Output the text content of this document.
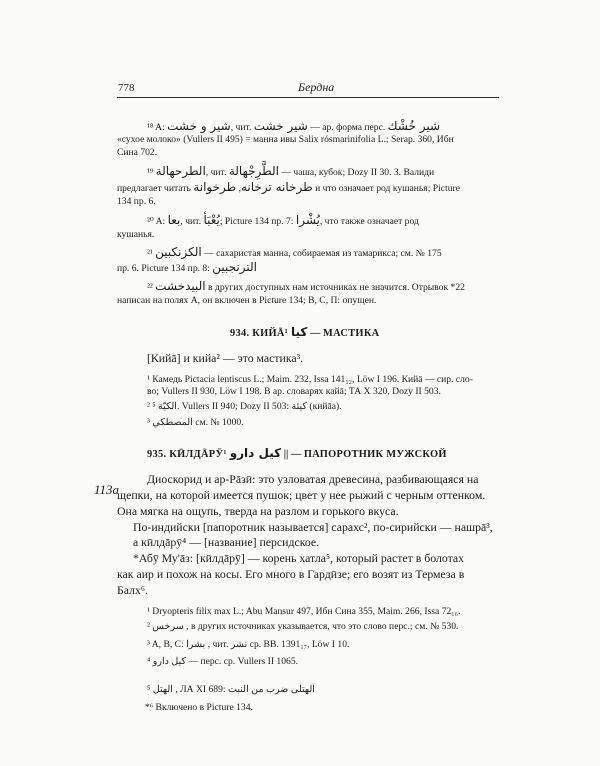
778	Бердна
¹⁸ A: شير و خشت, чит. شير خشت — ар. форма перс. شير خُشْك
«сухое молоко» (Vullers II 495) = манна ивы Salix rósmarinifolia L.; Serap. 360, Ибн
Сина 702.
¹⁹ الطرحهالة, чит. الطَّرِجْهالة — чаша, кубок; Dozy II 30. З. Валиди
предлагает читать	طرخانه ترخانه, طرخوانة	и что означает род кушанья; Picture
134 пр. 6.
²⁰ A: بعا, чит. يُعْبَأ; Picture 134 пр. 7: يُشْرا, что также означает род
кушанья.
²¹ الكزنكبين — сахаристая манна, собираемая из тамарикса; см. № 175
пр. 6. Picture 134 пр. 8: الترنجبين
²² البيدخشت в других доступных нам источниках не значится. Отрывок *22
написан на полях A, он включен в Picture 134; B, C, П: опущен.
934. КИЙĀ¹ كيا — МАСТИКА
[Кийā] и кийа² — это мастика³.
¹ Камедь Pictacia lentiscus L.; Maim. 232, Issa 141₁₂, Löw I 196. Кийā — сир. сло-
во; Vullers II 930, Löw I 198. В ар. словарях кайā; ТА X 320, Dozy II 503.
² الكيّة ⁵. Vullers II 940; Dozy II 503: كيئة (кийāа).
³ المصطكي см. № 1000.
935. КӢЛДĀРӮ¹ كيل دارو || — ПАПОРОТНИК МУЖСКОЙ
113а
Диоскорид и ар-Рāзӣ: это узловатая древесина, разбивающаяся на
щепки, на которой имеется пушок; цвет у нее рыжий с черным оттенком.
Она мягка на ощупь, тверда на разлом и горького вкуса.
По-индийски [папоротник называется] сарахс², по-сирийски — нашрā³, а кӣлдāрӯ⁴ — [название] персидское.
*Абӯ Му'āз: [кӣлдāрӯ] — корень хатла⁵, который растет в болотах
как аир и похож на косы. Его много в Гардӣзе; его возят из Термеза в
Балх⁶.
¹ Dryopteris filix max L.; Abu Mansur 497, Ибн Сина 355, Maim. 266, Issa 72₁₆.
² سرخس , в других источниках указывается, что это слово перс.; см. № 530.
³ A, B, C: بشرا , чит. نشر ср. BB. 1391₁₇, Löw I 10.
⁴ كيل دارو — перс. ср. Vullers II 1065.
⁵ الهتل , ЛА XI 689: الهتلى ضرب من النبت
*⁶ Включено в Picture 134.
